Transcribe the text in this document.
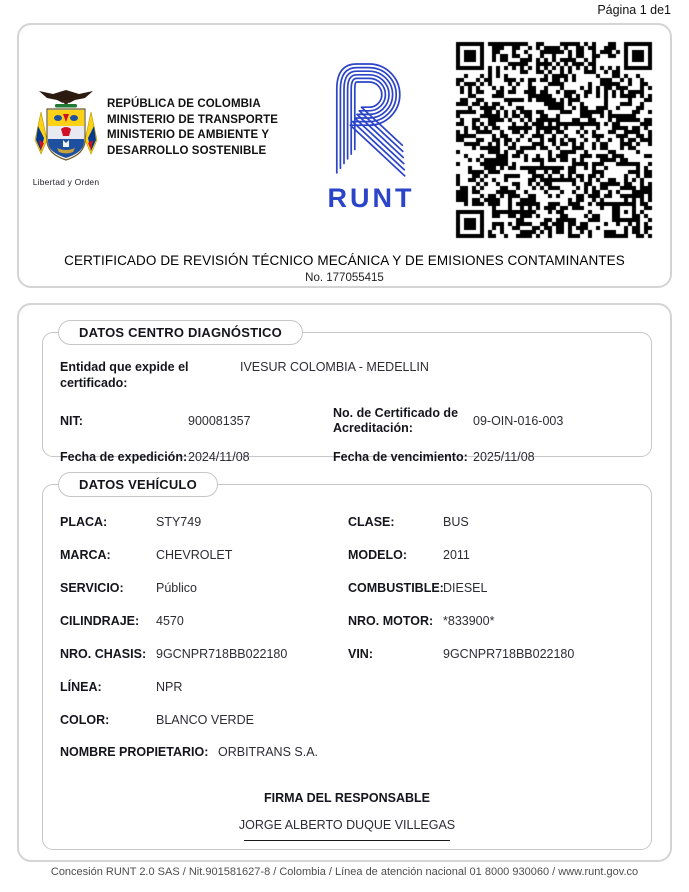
Página 1 de1
Libertad y Orden
REPÚBLICA DE COLOMBIA
MINISTERIO DE TRANSPORTE
MINISTERIO DE AMBIENTE Y
DESARROLLO SOSTENIBLE
RUNT
CERTIFICADO DE REVISIÓN TÉCNICO MECÁNICA Y DE EMISIONES CONTAMINANTES
No. 177055415
DATOS CENTRO DIAGNÓSTICO
Entidad que expide el certificado:
IVESUR COLOMBIA - MEDELLIN
NIT:	900081357
No. de Certificado de Acreditación:	09-OIN-016-003
Fecha de expedición: 2024/11/08	Fecha de vencimiento: 2025/11/08
DATOS VEHÍCULO
PLACA:	STY749	CLASE:	BUS
MARCA:	CHEVROLET	MODELO:	2011
SERVICIO:	Público	COMBUSTIBLE: DIESEL
CILINDRAJE:	4570	NRO. MOTOR: *833900*
NRO. CHASIS: 9GCNPR718BB022180	VIN:	9GCNPR718BB022180
LÍNEA:	NPR
COLOR:	BLANCO VERDE
NOMBRE PROPIETARIO: ORBITRANS S.A.
FIRMA DEL RESPONSABLE
JORGE ALBERTO DUQUE VILLEGAS
Concesión RUNT 2.0 SAS / Nit.901581627-8 / Colombia / Línea de atención nacional 01 8000 930060 / www.runt.gov.co
